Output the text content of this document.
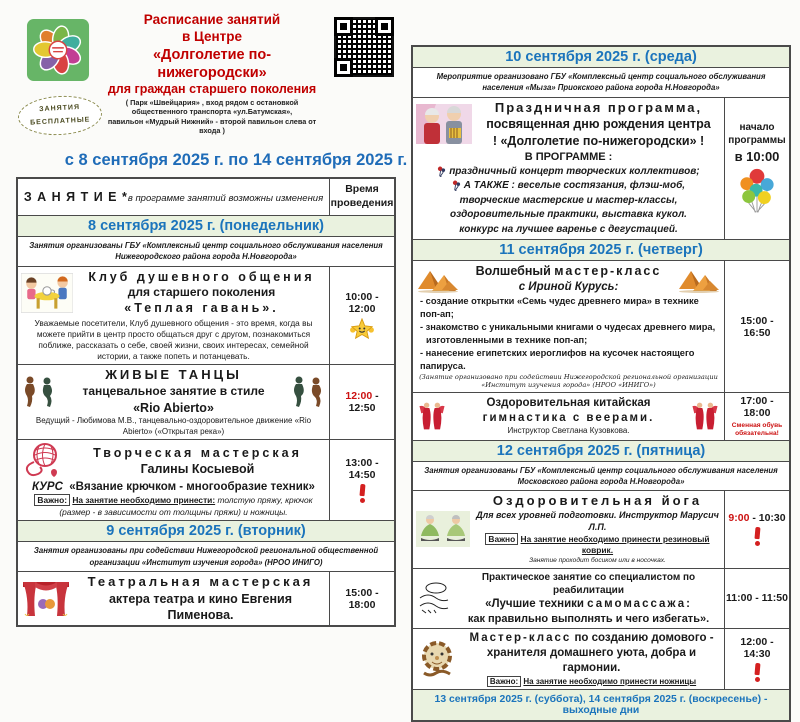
Расписание занятий
в Центре
«Долголетие по-нижегородски»
для граждан старшего поколения
( Парк «Швейцария» , вход рядом с остановкой общественного транспорта «ул.Батумская»,
павильон «Мудрый Нижний» - второй павильон слева от входа )
ЗАНЯТИЯ
БЕСПЛАТНЫЕ
с 8 сентября 2025 г. по 14 сентября 2025 г.
З А Н Я Т И Е *в программе занятий возможны изменения
Время
проведения
8 сентября 2025 г. (понедельник)
Занятия организованы ГБУ «Комплексный центр социального обслуживания населения Нижегородского района города Н.Новгорода»
Клуб душевного общения
для старшего поколения
«Теплая гавань».
Уважаемые посетители, Клуб душевного общения - это время, когда вы можете прийти в центр просто общаться друг с другом, познакомиться поближе, рассказать о себе, своей жизни, своих интересах, семейной истории, а также попеть и потанцевать.
10:00 - 12:00
ЖИВЫЕ ТАНЦЫ
танцевальное занятие в стиле
«Rio Abierto»
Ведущий - Любимова М.В., танцевально-оздоровительное движение «Rio Abierto» («Открытая река»)
12:00 - 12:50
Творческая мастерская
Галины Косыевой
КУРС «Вязание крючком - многообразие техник»
Важно: На занятие необходимо принести: толстую пряжу, крючок (размер - в зависимости от толщины пряжи) и ножницы.
13:00 - 14:50
9 сентября 2025 г. (вторник)
Занятия организованы при содействии Нижегородской региональной общественной организации «Институт изучения города» (НРОО ИНИГО)
Театральная мастерская
актера театра и кино Евгения Пименова.
15:00 - 18:00
10 сентября 2025 г. (среда)
Мероприятие организовано ГБУ «Комплексный центр социального обслуживания населения «Мыза» Приокского района города Н.Новгорода»
Праздничная программа,
посвященная дню рождения центра
! «Долголетие по-нижегородски» !
В ПРОГРАММЕ :
праздничный концерт творческих коллективов;
А ТАКЖЕ : веселые состязания, флэш-моб,
творческие мастерские и мастер-классы,
оздоровительные практики, выставка кукол.
конкурс на лучшее варенье с дегустацией.
начало
программы
в 10:00
11 сентября 2025 г. (четверг)
Волшебный мастер-класс
с Ириной Курусь:
- создание открытки «Семь чудес древнего мира» в технике поп-ап;
- знакомство с уникальными книгами о чудесах древнего мира,
изготовленными в технике поп-ап;
- нанесение египетских иероглифов на кусочек настоящего папируса.
(Занятие организовано при содействии Нижегородской региональной организации «Институт изучения города» (НРОО «ИНИГО»)
15:00 - 16:50
Оздоровительная китайская
гимнастика с веерами.
Инструктор Светлана Кузовкова.
17:00 - 18:00
Сменная обувь обязательна!
12 сентября 2025 г. (пятница)
Занятия организованы ГБУ «Комплексный центр социального обслуживания населения Московского района города Н.Новгорода»
Оздоровительная йога
Для всех уровней подготовки. Инструктор Марусич Л.П.
Важно На занятие необходимо принести резиновый коврик.
Занятие проходит босиком или в носочках.
9:00 - 10:30
Практическое занятие со специалистом по реабилитации
«Лучшие техники самомассажа:
как правильно выполнять и чего избегать».
11:00 - 11:50
Мастер-класс по созданию домового -
хранителя домашнего уюта, добра и гармонии.
Важно: На занятие необходимо принести ножницы
12:00 - 14:30
13 сентября 2025 г. (суббота), 14 сентября 2025 г. (воскресенье) - выходные дни
